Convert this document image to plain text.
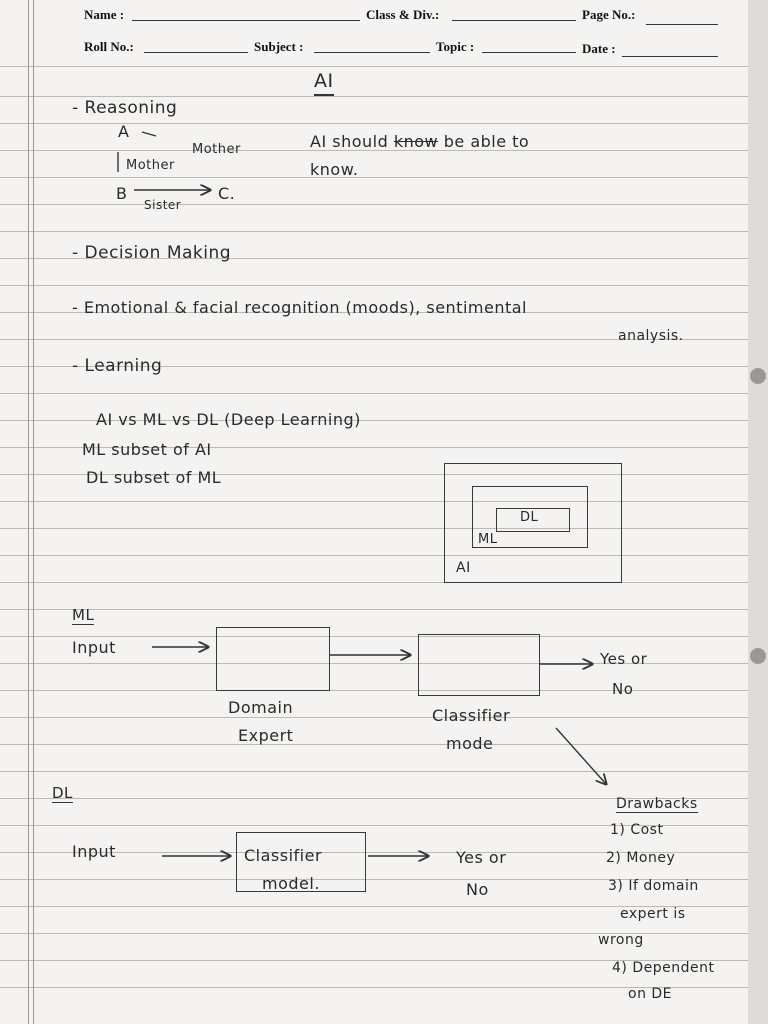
Name :	Class & Div.:	Page No.:
Roll No.:	Subject :	Topic :	Date :
AI
- Reasoning
A
Mother
Mother
B	C.
Sister
AI should know be able to
know.
- Decision Making
- Emotional & facial recognition (moods), sentimental
analysis.
- Learning
AI vs ML vs DL (Deep Learning)
ML subset of AI
DL subset of ML
DL
ML
AI
ML
Input
Domain
Expert
Classifier
mode
Yes or
No
DL
Input	Classifier
model.
Yes or
No
Drawbacks
1) Cost
2) Money
3) If domain
expert is
wrong
4) Dependent
on DE
